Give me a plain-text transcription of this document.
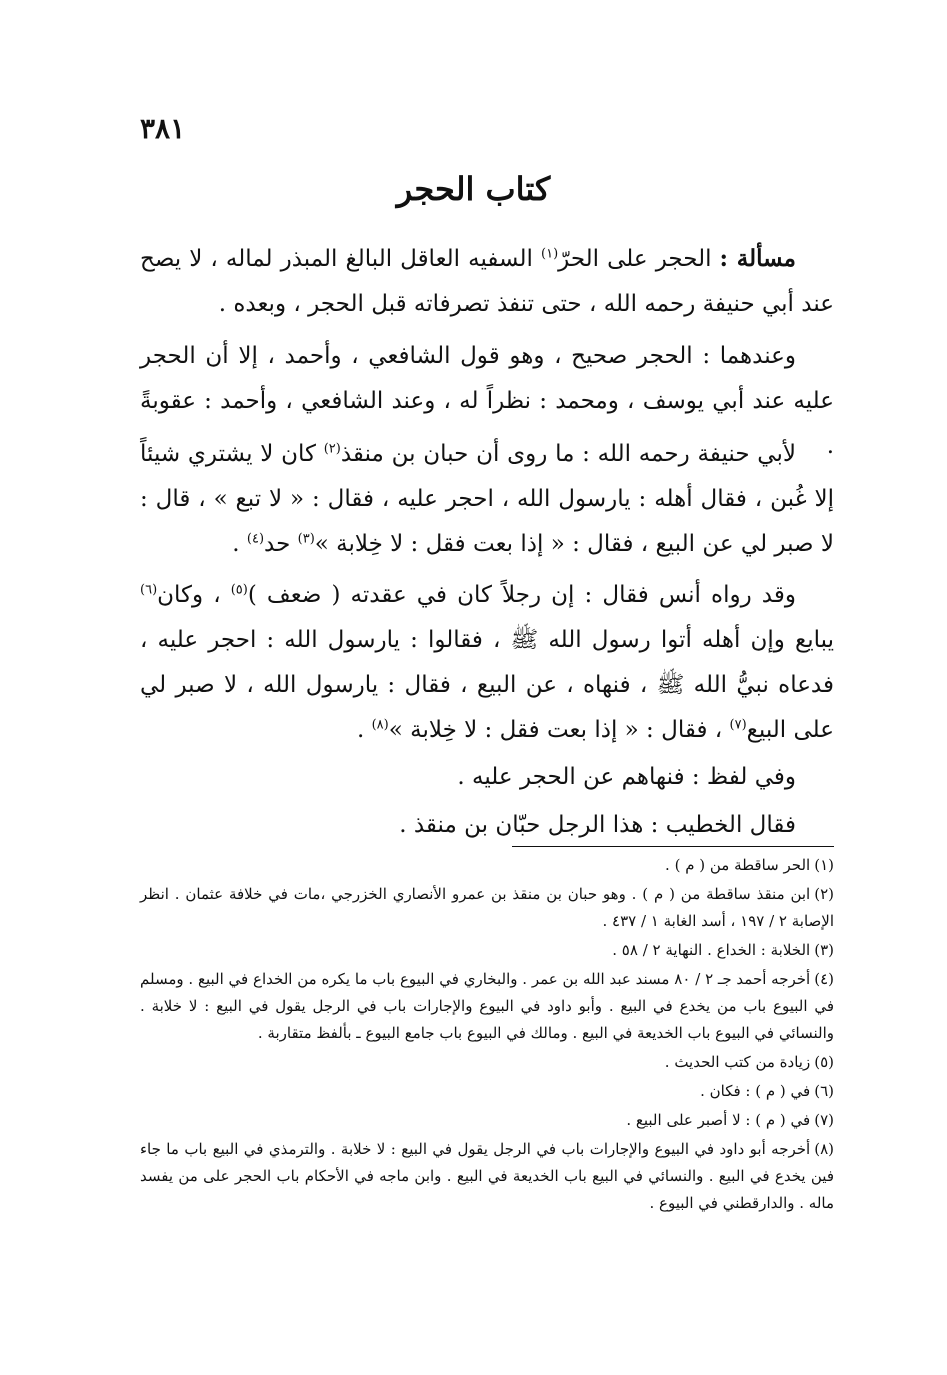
٣٨١
كتاب الحجر
مسألة : الحجر على الحرّ$^{(١)}$ السفيه العاقل البالغ المبذر لماله ، لا يصح عند أبي حنيفة رحمه الله ، حتى تنفذ تصرفاته قبل الحجر ، وبعده .
وعندهما : الحجر صحيح ، وهو قول الشافعي ، وأحمد ، إلا أن الحجر عليه عند أبي يوسف ، ومحمد : نظراً له ، وعند الشافعي ، وأحمد : عقوبةً .
لأبي حنيفة رحمه الله : ما روى أن حبان بن منقذ$^{(٢)}$ كان لا يشتري شيئاً إلا غُبن ، فقال أهله : يارسول الله ، احجر عليه ، فقال : « لا تبع » ، قال : لا صبر لي عن البيع ، فقال : « إذا بعت فقل : لا خِلابة »$^{(٣)}$ حد$^{(٤)}$ .
وقد رواه أنس فقال : إن رجلاً كان في عقدته ( ضعف )$^{(٥)}$ ، وكان$^{(٦)}$ يبايع وإن أهله أتوا رسول الله ﷺ ، فقالوا : يارسول الله : احجر عليه ، فدعاه نبيُّ الله ﷺ ، فنهاه ، عن البيع ، فقال : يارسول الله ، لا صبر لي على البيع$^{(٧)}$ ، فقال : « إذا بعت فقل : لا خِلابة »$^{(٨)}$ .
وفي لفظ : فنهاهم عن الحجر عليه .
فقال الخطيب : هذا الرجل حبّان بن منقذ .
(١)الحر ساقطة من ( م ) .
(٢)ابن منقذ ساقطة من ( م ) . وهو حبان بن منقذ بن عمرو الأنصاري الخزرجي ،مات في خلافة عثمان . انظر الإصابة ٢ / ١٩٧ ، أسد الغابة ١ / ٤٣٧ .
(٣)الخلابة : الخداع . النهاية ٢ / ٥٨ .
(٤)أخرجه أحمد جـ ٢ / ٨٠ مسند عبد الله بن عمر . والبخاري في البيوع باب ما يكره من الخداع في البيع . ومسلم في البيوع باب من يخدع في البيع . وأبو داود في البيوع والإجارات باب في الرجل يقول في البيع : لا خلابة . والنسائي في البيوع باب الخديعة في البيع . ومالك في البيوع باب جامع البيوع ـ بألفظ متقاربة .
(٥)زيادة من كتب الحديث .
(٦)في ( م ) : فكان .
(٧)في ( م ) : لا أصبر على البيع .
(٨)أخرجه أبو داود في البيوع والإجارات باب في الرجل يقول في البيع : لا خلابة . والترمذي في البيع باب ما جاء فين يخدع في البيع . والنسائي في البيع باب الخديعة في البيع . وابن ماجه في الأحكام باب الحجر على من يفسد ماله . والدارقطني في البيوع .
